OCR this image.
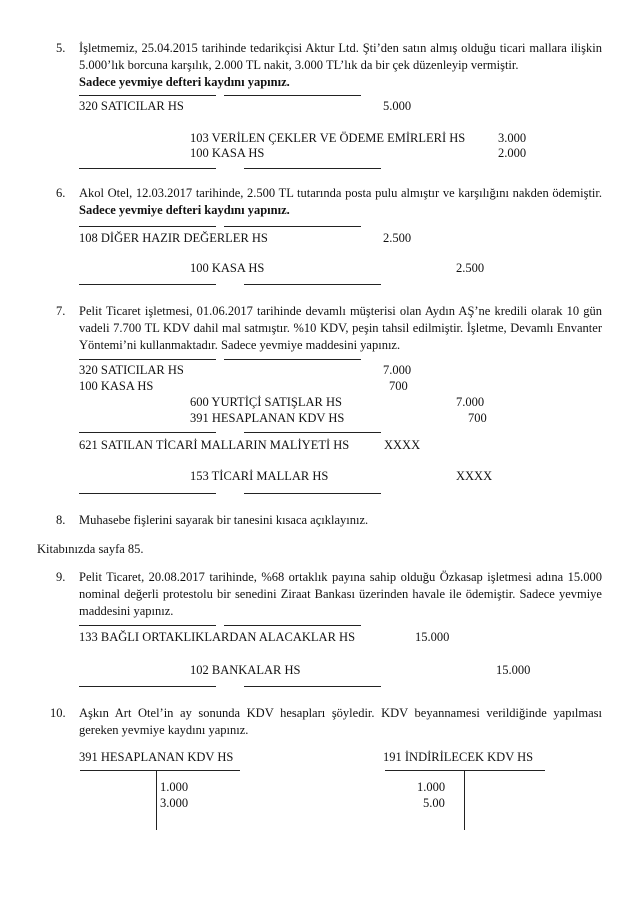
5. İşletmemiz, 25.04.2015 tarihinde tedarikçisi Aktur Ltd. Şti’den satın almış olduğu ticari mallara ilişkin 5.000’lık borcuna karşılık, 2.000 TL nakit, 3.000 TL’lık da bir çek düzenleyip vermiştir.
Sadece yevmiye defteri kaydını yapınız.
320 SATICILAR HS	5.000
103 VERİLEN ÇEKLER VE ÖDEME EMİRLERİ HS	3.000
100 KASA HS	2.000
6. Akol Otel, 12.03.2017 tarihinde, 2.500 TL tutarında posta pulu almıştır ve karşılığını nakden ödemiştir. Sadece yevmiye defteri kaydını yapınız.
108 DİĞER HAZIR DEĞERLER HS	2.500
100 KASA HS	2.500
7. Pelit Ticaret işletmesi, 01.06.2017 tarihinde devamlı müşterisi olan Aydın AŞ’ne kredili olarak 10 gün vadeli 7.700 TL KDV dahil mal satmıştır. %10 KDV, peşin tahsil edilmiştir. İşletme, Devamlı Envanter Yöntemi’ni kullanmaktadır. Sadece yevmiye maddesini yapınız.
320 SATICILAR HS	7.000
100 KASA HS	700
600 YURTİÇİ SATIŞLAR HS	7.000
391 HESAPLANAN KDV HS	700
621 SATILAN TİCARİ MALLARIN MALİYETİ HS	XXXX
153 TİCARİ MALLAR HS	XXXX
8. Muhasebe fişlerini sayarak bir tanesini kısaca açıklayınız.
Kitabınızda sayfa 85.
9. Pelit Ticaret, 20.08.2017 tarihinde, %68 ortaklık payına sahip olduğu Özkasap işletmesi adına 15.000 nominal değerli protestolu bir senedini Ziraat Bankası üzerinden havale ile ödemiştir. Sadece yevmiye maddesini yapınız.
133 BAĞLI ORTAKLIKLARDAN ALACAKLAR HS	15.000
102 BANKALAR HS	15.000
10. Aşkın Art Otel’in ay sonunda KDV hesapları şöyledir. KDV beyannamesi verildiğinde yapılması gereken yevmiye kaydını yapınız.
391 HESAPLANAN KDV HS
1.000
3.000
191 İNDİRİLECEK KDV HS
1.000
5.00
